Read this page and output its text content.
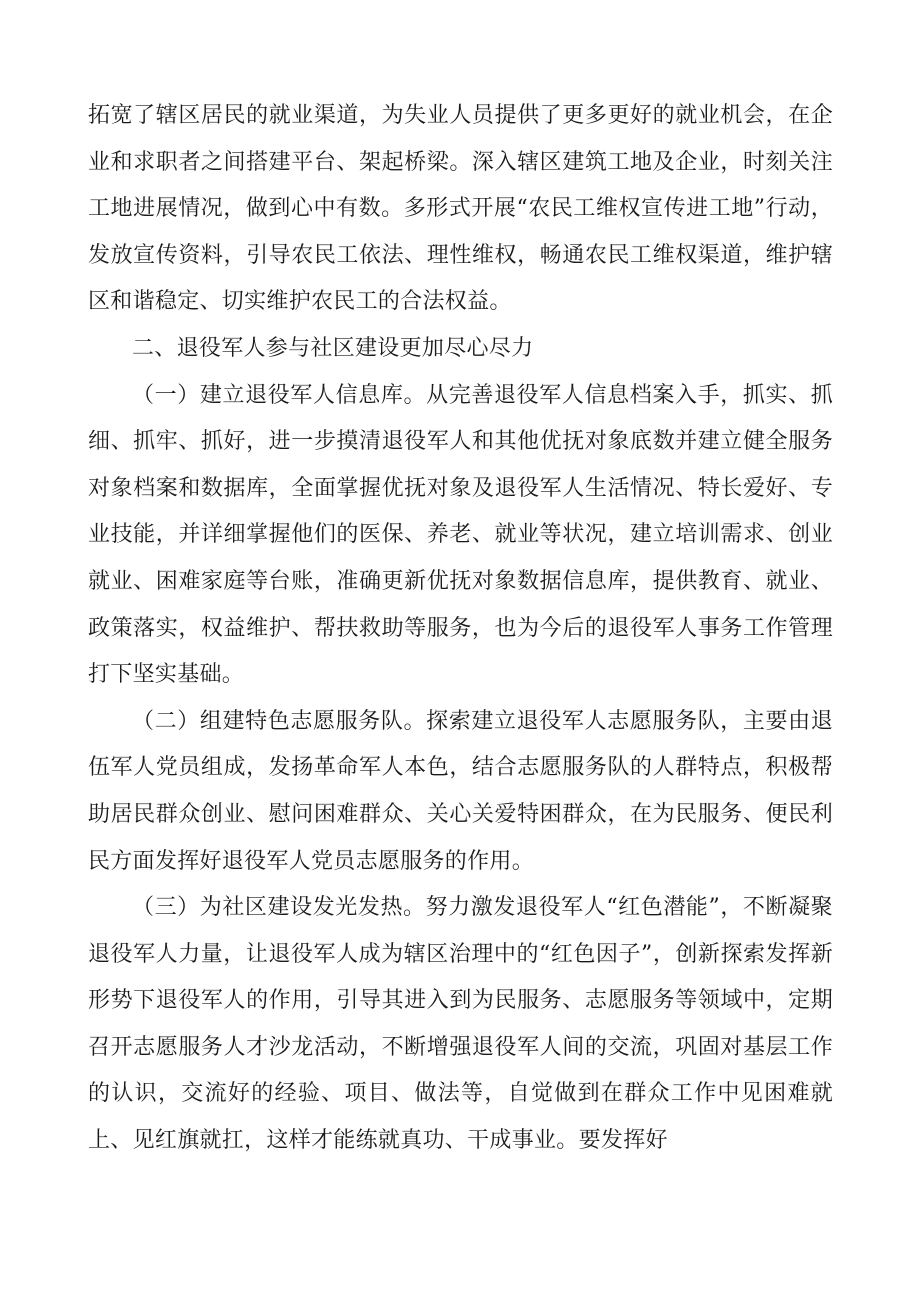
拓宽了辖区居民的就业渠道，为失业人员提供了更多更好的就业机会，在企业和求职者之间搭建平台、架起桥梁。深入辖区建筑工地及企业，时刻关注工地进展情况，做到心中有数。多形式开展“农民工维权宣传进工地”行动，发放宣传资料，引导农民工依法、理性维权，畅通农民工维权渠道，维护辖区和谐稳定、切实维护农民工的合法权益。

二、退役军人参与社区建设更加尽心尽力

（一）建立退役军人信息库。从完善退役军人信息档案入手，抓实、抓细、抓牢、抓好，进一步摸清退役军人和其他优抚对象底数并建立健全服务对象档案和数据库，全面掌握优抚对象及退役军人生活情况、特长爱好、专业技能，并详细掌握他们的医保、养老、就业等状况，建立培训需求、创业就业、困难家庭等台账，准确更新优抚对象数据信息库，提供教育、就业、政策落实，权益维护、帮扶救助等服务，也为今后的退役军人事务工作管理打下坚实基础。

（二）组建特色志愿服务队。探索建立退役军人志愿服务队，主要由退伍军人党员组成，发扬革命军人本色，结合志愿服务队的人群特点，积极帮助居民群众创业、慰问困难群众、关心关爱特困群众，在为民服务、便民利民方面发挥好退役军人党员志愿服务的作用。

（三）为社区建设发光发热。努力激发退役军人“红色潜能”，不断凝聚退役军人力量，让退役军人成为辖区治理中的“红色因子”，创新探索发挥新形势下退役军人的作用，引导其进入到为民服务、志愿服务等领域中，定期召开志愿服务人才沙龙活动，不断增强退役军人间的交流，巩固对基层工作的认识，交流好的经验、项目、做法等，自觉做到在群众工作中见困难就上、见红旗就扛，这样才能练就真功、干成事业。要发挥好
